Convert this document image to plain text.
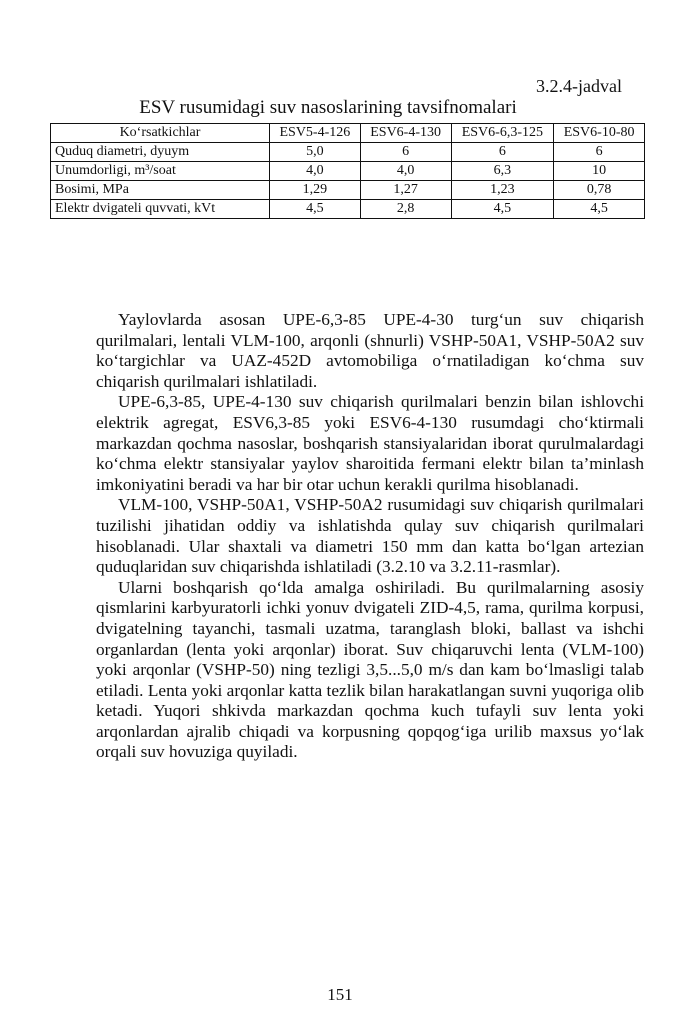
3.2.4-jadval
ESV rusumidagi suv nasoslarining tavsifnomalari
Ko‘rsatkichlar	ESV5-4-126	ESV6-4-130	ESV6-6,3-125	ESV6-10-80
Quduq diametri, dyuym	5,0	6	6	6
Unumdorligi, m³/soat	4,0	4,0	6,3	10
Bosimi, MPa	1,29	1,27	1,23	0,78
Elektr dvigateli quvvati, kVt	4,5	2,8	4,5	4,5

Yaylovlarda asosan UPE-6,3-85 UPE-4-30 turg‘un suv chiqarish qurilmalari, lentali VLM-100, arqonli (shnurli) VSHP-50A1, VSHP-50A2 suv ko‘targichlar va UAZ-452D avtomobiliga o‘rnatiladigan ko‘chma suv chiqarish qurilmalari ishlatiladi.

UPE-6,3-85, UPE-4-130 suv chiqarish qurilmalari benzin bilan ishlovchi elektrik agregat, ESV6,3-85 yoki ESV6-4-130 rusumdagi cho‘ktirmali markazdan qochma nasoslar, boshqarish stansiyalaridan iborat qurulmalardagi ko‘chma elektr stansiyalar yaylov sharoitida fermani elektr bilan ta’minlash imkoniyatini beradi va har bir otar uchun kerakli qurilma hisoblanadi.

VLM-100, VSHP-50A1, VSHP-50A2 rusumidagi suv chiqarish qurilmalari tuzilishi jihatidan oddiy va ishlatishda qulay suv chiqarish qurilmalari hisoblanadi. Ular shaxtali va diametri 150 mm dan katta bo‘lgan artezian quduqlaridan suv chiqarishda ishlatiladi (3.2.10 va 3.2.11-rasmlar).

Ularni boshqarish qo‘lda amalga oshiriladi. Bu qurilmalarning asosiy qismlarini karbyuratorli ichki yonuv dvigateli ZID-4,5, rama, qurilma korpusi, dvigatelning tayanchi, tasmali uzatma, taranglash bloki, ballast va ishchi organlardan (lenta yoki arqonlar) iborat. Suv chiqaruvchi lenta (VLM-100) yoki arqonlar (VSHP-50) ning tezligi 3,5...5,0 m/s dan kam bo‘lmasligi talab etiladi. Lenta yoki arqonlar katta tezlik bilan harakatlangan suvni yuqoriga olib ketadi. Yuqori shkivda markazdan qochma kuch tufayli suv lenta yoki arqonlardan ajralib chiqadi va korpusning qopqog‘iga urilib maxsus yo‘lak orqali suv hovuziga quyiladi.

151
